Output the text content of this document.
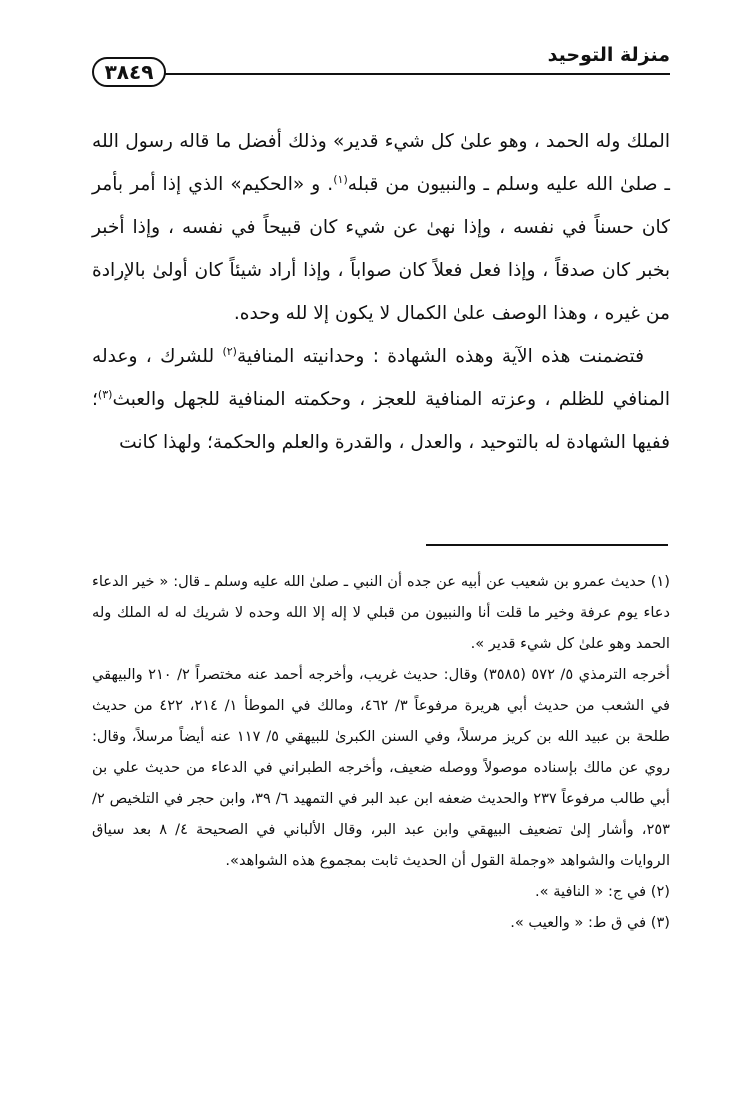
منزلة التوحيد
٣٨٤٩

الملك وله الحمد ، وهو علىٰ كل شيء قدير» وذلك أفضل ما قاله رسول الله ـ صلىٰ الله عليه وسلم ـ والنبيون من قبله$^{(١)}$. و «الحكيم» الذي إذا أمر بأمر كان حسناً في نفسه ، وإذا نهىٰ عن شيء كان قبيحاً في نفسه ، وإذا أخبر بخبر كان صدقاً ، وإذا فعل فعلاً كان صواباً ، وإذا أراد شيئاً كان أولىٰ بالإرادة من غيره ، وهذا الوصف علىٰ الكمال لا يكون إلا لله وحده.

فتضمنت هذه الآية وهذه الشهادة : وحدانيته المنافية$^{(٢)}$ للشرك ، وعدله المنافي للظلم ، وعزته المنافية للعجز ، وحكمته المنافية للجهل والعبث$^{(٣)}$؛ ففيها الشهادة له بالتوحيد ، والعدل ، والقدرة والعلم والحكمة؛ ولهذا كانت

(١) حديث عمرو بن شعيب عن أبيه عن جده أن النبي ـ صلىٰ الله عليه وسلم ـ قال: « خير الدعاء دعاء يوم عرفة وخير ما قلت أنا والنبيون من قبلي لا إله إلا الله وحده لا شريك له له الملك وله الحمد وهو علىٰ كل شيء قدير ».

أخرجه الترمذي ٥/ ٥٧٢ (٣٥٨٥) وقال: حديث غريب، وأخرجه أحمد عنه مختصراً ٢/ ٢١٠ والبيهقي في الشعب من حديث أبي هريرة مرفوعاً ٣/ ٤٦٢، ومالك في الموطأ ١/ ٢١٤، ٤٢٢ من حديث طلحة بن عبيد الله بن كريز مرسلاً، وفي السنن الكبرىٰ للبيهقي ٥/ ١١٧ عنه أيضاً مرسلاً، وقال: روي عن مالك بإسناده موصولاً ووصله ضعيف، وأخرجه الطبراني في الدعاء من حديث علي بن أبي طالب مرفوعاً ٢٣٧ والحديث ضعفه ابن عبد البر في التمهيد ٦/ ٣٩، وابن حجر في التلخيص ٢/ ٢٥٣، وأشار إلىٰ تضعيف البيهقي وابن عبد البر، وقال الألباني في الصحيحة ٤/ ٨ بعد سياق الروايات والشواهد «وجملة القول أن الحديث ثابت بمجموع هذه الشواهد».

(٢) في ج: « النافية ».

(٣) في ق ط: « والعيب ».
